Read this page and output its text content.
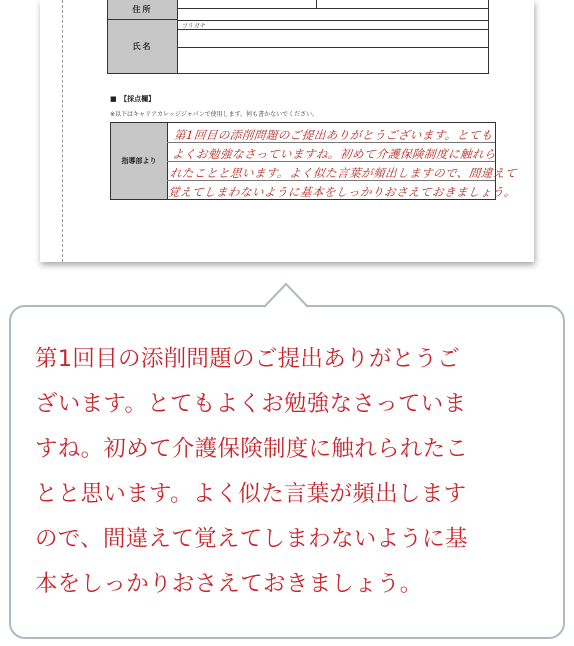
住所
氏名
フリガナ
■　【採点欄】
※以下はキャリアカレッジジャパンで使用します。何も書かないでください。
指導部より
第1回目の添削問題のご提出ありがとうございます。とても
よくお勉強なさっていますね。初めて介護保険制度に触れら
れたことと思います。よく似た言葉が頻出しますので、間違えて
覚えてしまわないように基本をしっかりおさえておきましょう。

第1回目の添削問題のご提出ありがとうご
ざいます。とてもよくお勉強なさっていま
すね。初めて介護保険制度に触れられたこ
とと思います。よく似た言葉が頻出します
ので、間違えて覚えてしまわないように基
本をしっかりおさえておきましょう。
